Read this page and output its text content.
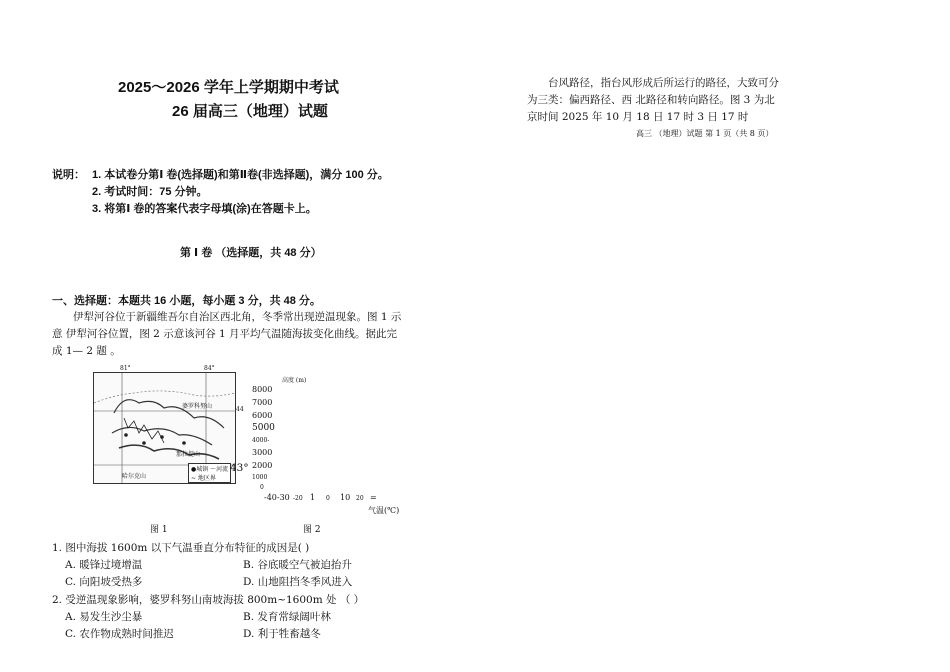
2025～2026 学年上学期期中考试
26 届高三（地理）试题
说明： 1. 本试卷分第Ⅰ 卷(选择题)和第Ⅱ卷(非选择题)，满分 100 分。
2. 考试时间：75 分钟。
3. 将第Ⅰ 卷的答案代表字母填(涂)在答题卡上。
第 Ⅰ 卷 （选择题，共 48 分）
一、选择题：本题共 16 小题，每小题 3 分，共 48 分。
伊犁河谷位于新疆维吾尔自治区西北角，冬季常出现逆温现象。图 1 示
意 伊犁河谷位置，图 2 示意该河谷 1 月平均气温随海拔变化曲线。据此完
成 1— 2 题 。
81°	84°
婆罗科努山
那拉提山
哈尔克山
●城镇 ～河流
~ 地区界
44
43°
高度 (m)
8000
7000
6000
5000
4000-
3000
2000
1000
0
-40-30 -20 1 0 10 20 =
气温(℃)
图 1	图 2
1. 图中海拔 1600m 以下气温垂直分布特征的成因是( )
A. 暖锋过境增温	B. 谷底暖空气被迫抬升
C. 向阳坡受热多	D. 山地阻挡冬季风进入
2. 受逆温现象影响，婆罗科努山南坡海拔 800m~1600m 处 （ ）
A. 易发生沙尘暴	B. 发育常绿阔叶林
C. 农作物成熟时间推迟	D. 利于牲畜越冬
台风路径，指台风形成后所运行的路径，大致可分
为三类：偏西路径、西 北路径和转向路径。图 3 为北
京时间 2025 年 10 月 18 日 17 时 3 日 17 时
高三 （地理）试题 第 1 页（共 8 页）
